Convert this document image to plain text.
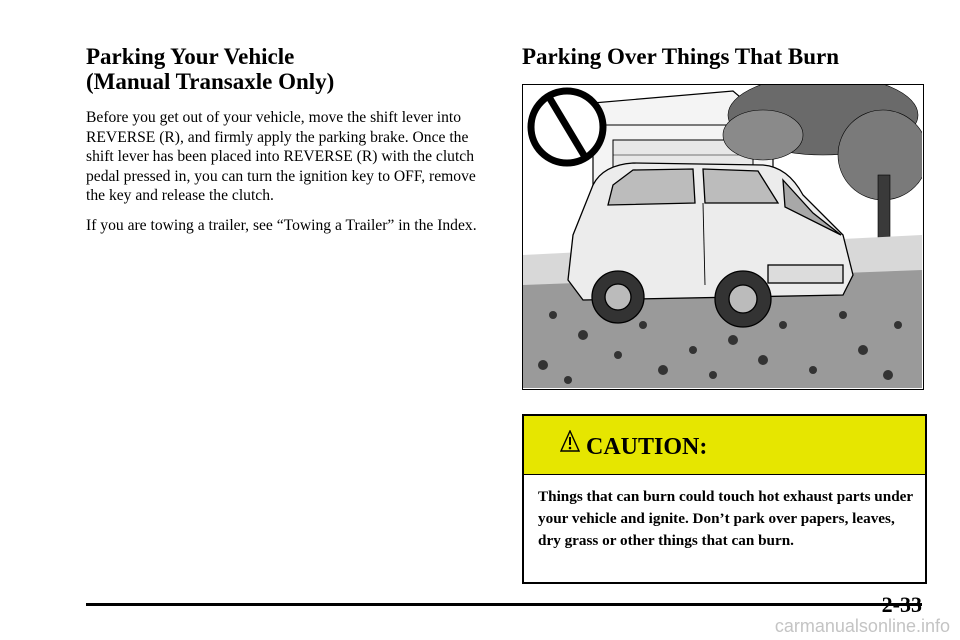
Parking Your Vehicle
(Manual Transaxle Only)

Before you get out of your vehicle, move the shift lever into REVERSE (R), and firmly apply the parking brake. Once the shift lever has been placed into REVERSE (R) with the clutch pedal pressed in, you can turn the ignition key to OFF, remove the key and release the clutch.

If you are towing a trailer, see “Towing a Trailer” in the Index.

Parking Over Things That Burn
CAUTION:

Things that can burn could touch hot exhaust parts under your vehicle and ignite. Don’t park over papers, leaves, dry grass or other things that can burn.

2-33

carmanualsonline.info
